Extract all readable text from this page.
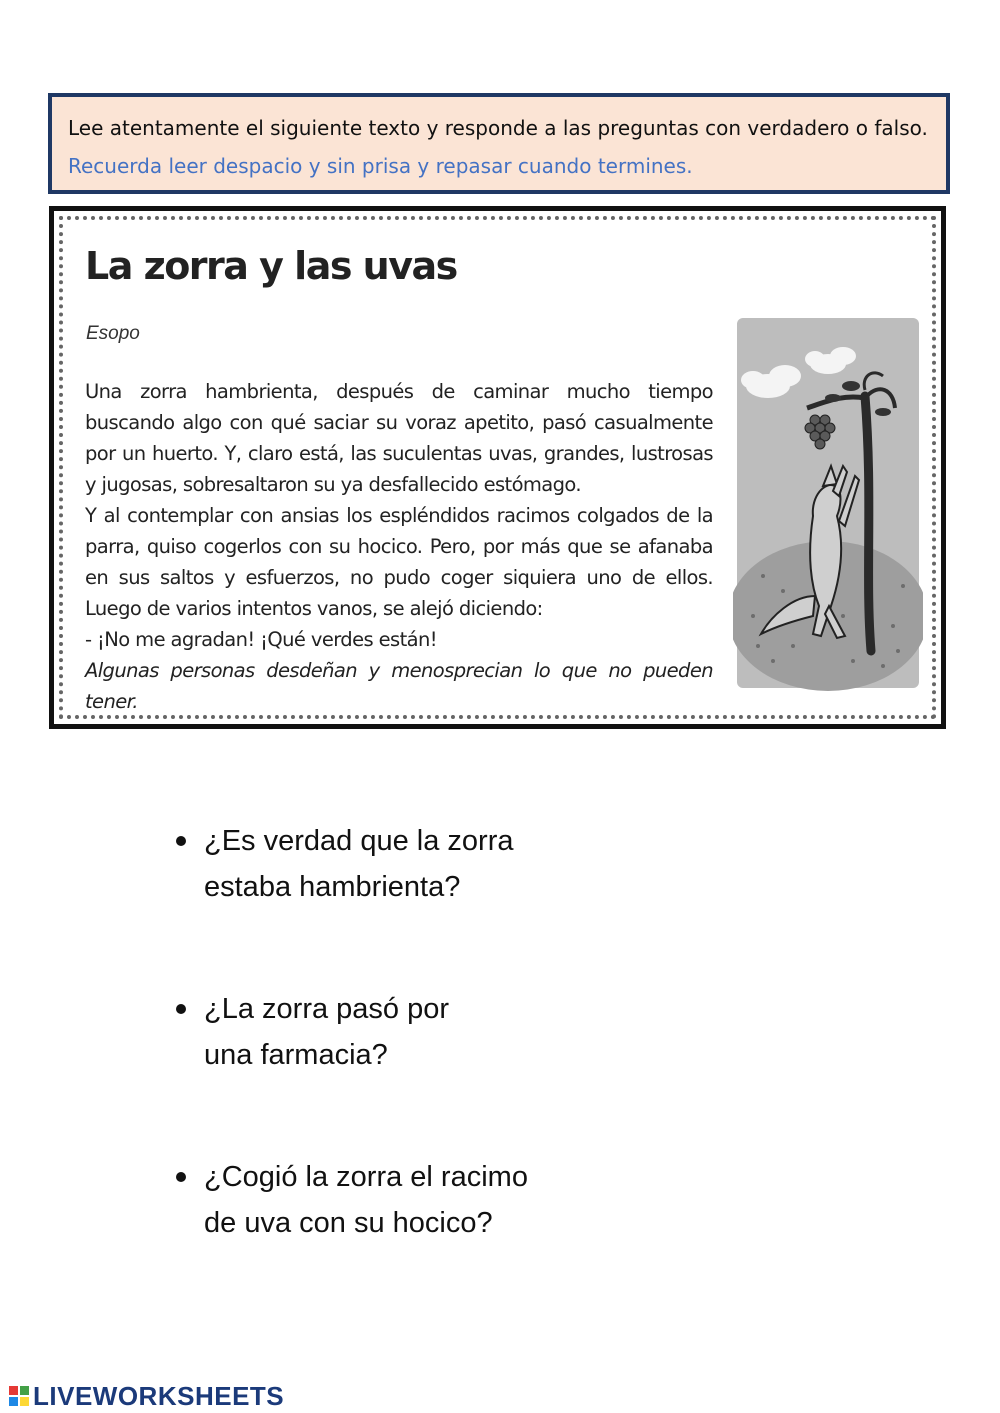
Lee atentamente el siguiente texto y responde a las preguntas con verdadero o falso. Recuerda leer despacio y sin prisa y repasar cuando termines.
La zorra y las uvas
Esopo

Una zorra hambrienta, después de caminar mucho tiempo buscando algo con qué saciar su voraz apetito, pasó casualmente por un huerto. Y, claro está, las suculentas uvas, grandes, lustrosas y jugosas, sobresaltaron su ya desfallecido estómago.

Y al contemplar con ansias los espléndidos racimos colgados de la parra, quiso cogerlos con su hocico. Pero, por más que se afanaba en sus saltos y esfuerzos, no pudo coger siquiera uno de ellos. Luego de varios intentos vanos, se alejó diciendo:

- ¡No me agradan! ¡Qué verdes están!

Algunas personas desdeñan y menosprecian lo que no pueden tener.

¿Es verdad que la zorra
estaba hambrienta?
¿La zorra pasó por
una farmacia?
¿Cogió la zorra el racimo
de uva con su hocico?
LIVEWORKSHEETS
